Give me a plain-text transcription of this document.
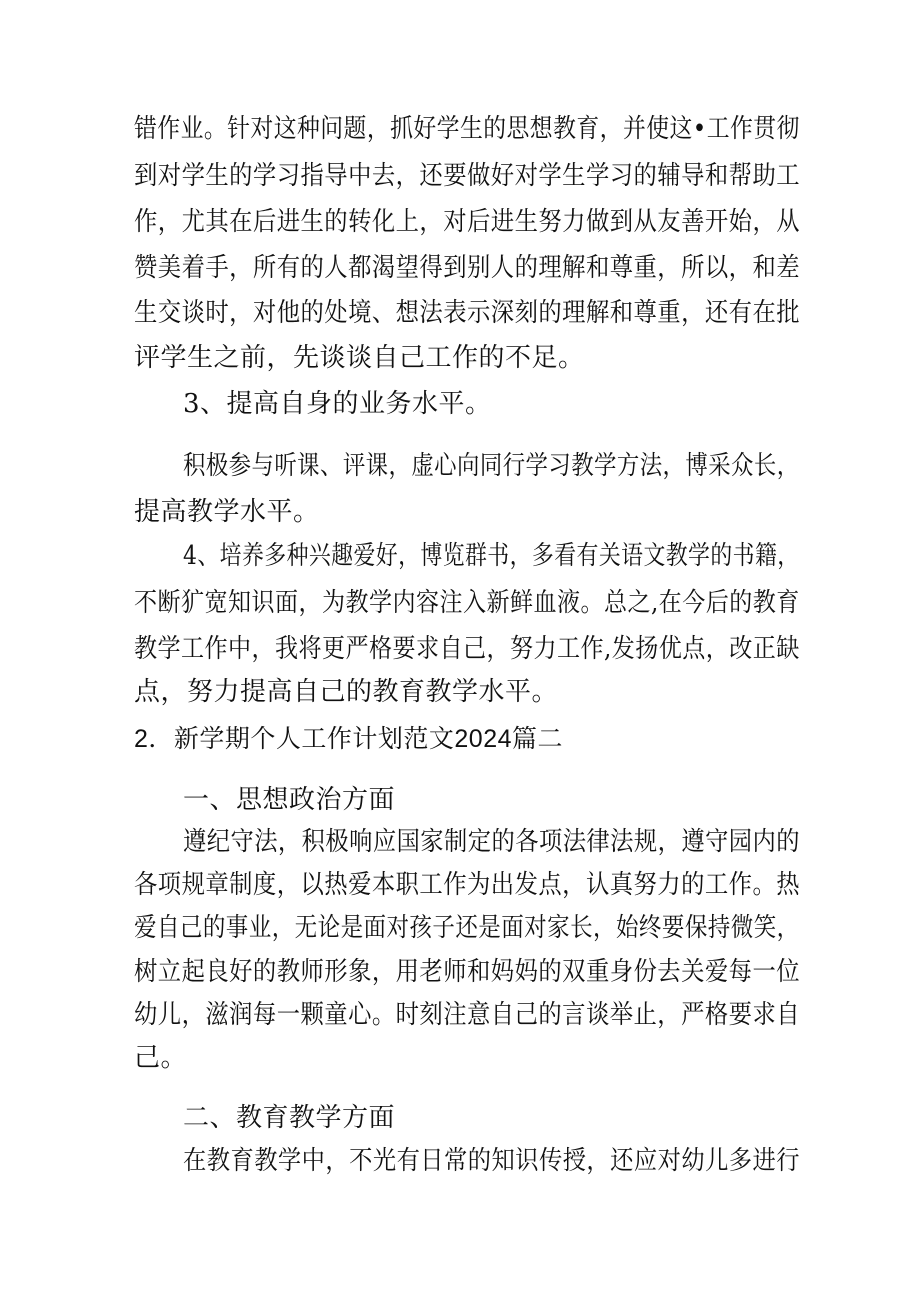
错作业。针对这种问题，抓好学生的思想教育，并使这•工作贯彻
到对学生的学习指导中去，还要做好对学生学习的辅导和帮助工
作，尤其在后进生的转化上，对后进生努力做到从友善开始，从
赞美着手，所有的人都渴望得到别人的理解和尊重，所以，和差
生交谈时，对他的处境、想法表示深刻的理解和尊重，还有在批
评学生之前，先谈谈自己工作的不足。
3、提高自身的业务水平。
积极参与听课、评课，虚心向同行学习教学方法，博采众长，
提高教学水平。
4、培养多种兴趣爱好，博览群书，多看有关语文教学的书籍，
不断犷宽知识面，为教学内容注入新鲜血液。总之,在今后的教育
教学工作中，我将更严格要求自己，努力工作,发扬优点，改正缺
点，努力提高自己的教育教学水平。
2．新学期个人工作计划范文2024篇二
一、思想政治方面
遵纪守法，积极响应国家制定的各项法律法规，遵守园内的
各项规章制度，以热爱本职工作为出发点，认真努力的工作。热
爱自己的事业，无论是面对孩子还是面对家长，始终要保持微笑，
树立起良好的教师形象，用老师和妈妈的双重身份去关爱每一位
幼儿，滋润每一颗童心。时刻注意自己的言谈举止，严格要求自
己。
二、教育教学方面
在教育教学中，不光有日常的知识传授，还应对幼儿多进行
